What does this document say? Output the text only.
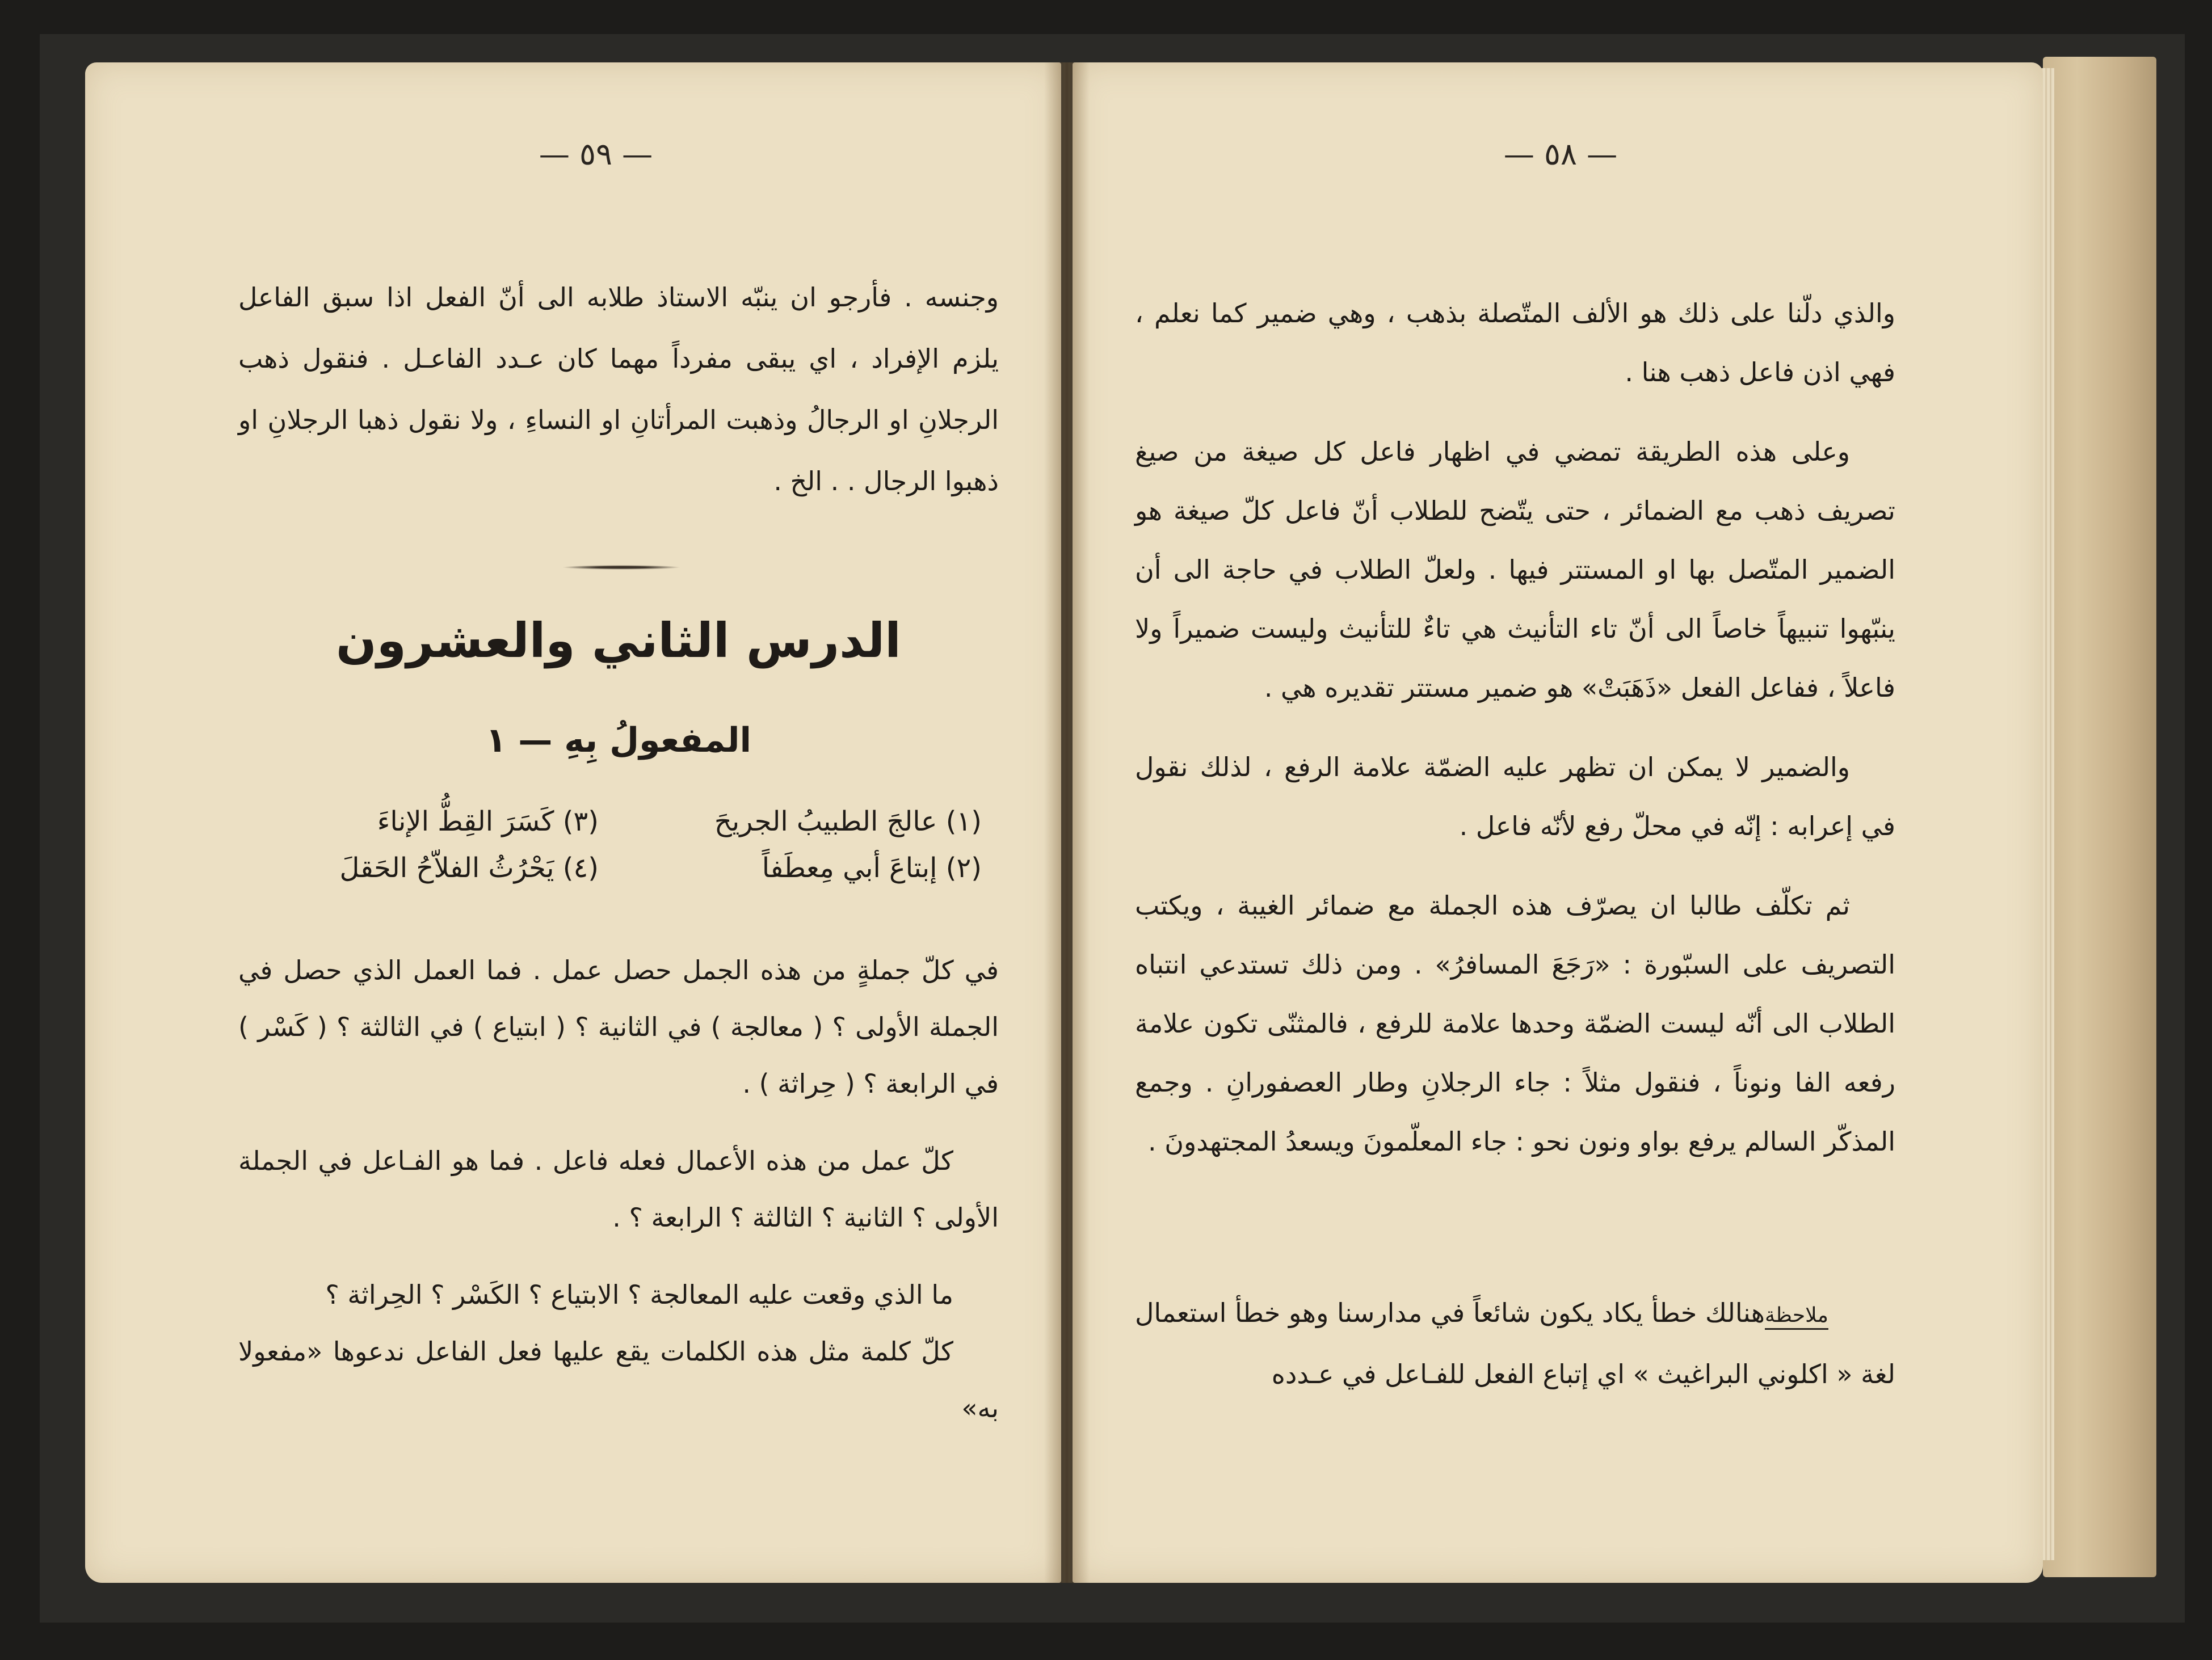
— ٥٩ —

وجنسه . فأرجو ان ينبّه الاستاذ طلابه الى أنّ الفعل اذا سبق الفاعل يلزم الإفراد ، اي يبقى مفرداً مهما كان عـدد الفاعـل . فنقول ذهب الرجلانِ او الرجالُ وذهبت المرأتانِ او النساءِ ، ولا نقول ذهبا الرجلانِ او ذهبوا الرجال . . الخ .

الدرس الثاني والعشرون
المفعولُ بِهِ — ١
(١) عالجَ الطبيبُ الجريحَ
(٣) كَسَرَ القِطُّ الإناءَ
(٢) إبتاعَ أبي مِعطَفاً
(٤) يَحْرُثُ الفلاّحُ الحَقلَ

في كلّ جملةٍ من هذه الجمل حصل عمل . فما العمل الذي حصل في الجملة الأولى ؟ ( معالجة ) في الثانية ؟ ( ابتياع ) في الثالثة ؟ ( كَسْر ) في الرابعة ؟ ( حِراثة ) .

كلّ عمل من هذه الأعمال فعله فاعل . فما هو الفـاعل في الجملة الأولى ؟ الثانية ؟ الثالثة ؟ الرابعة ؟ .

ما الذي وقعت عليه المعالجة ؟ الابتياع ؟ الكَسْر ؟ الحِراثة ؟

كلّ كلمة مثل هذه الكلمات يقع عليها فعل الفاعل ندعوها «مفعولا به»

— ٥٨ —

والذي دلّنا على ذلك هو الألف المتّصلة بذهب ، وهي ضمير كما نعلم ، فهي اذن فاعل ذهب هنا .

وعلى هذه الطريقة تمضي في اظهار فاعل كل صيغة من صيغ تصريف ذهب مع الضمائر ، حتى يتّضح للطلاب أنّ فاعل كلّ صيغة هو الضمير المتّصل بها او المستتر فيها . ولعلّ الطلاب في حاجة الى أن ينبّهوا تنبيهاً خاصاً الى أنّ تاء التأنيث هي تاءٌ للتأنيث وليست ضميراً ولا فاعلاً ، ففاعل الفعل «ذَهَبَتْ» هو ضمير مستتر تقديره هي .

والضمير لا يمكن ان تظهر عليه الضمّة علامة الرفع ، لذلك نقول في إعرابه : إنّه في محلّ رفع لأنّه فاعل .

ثم تكلّف طالبا ان يصرّف هذه الجملة مع ضمائر الغيبة ، ويكتب التصريف على السبّورة : «رَجَعَ المسافرُ» . ومن ذلك تستدعي انتباه الطلاب الى أنّه ليست الضمّة وحدها علامة للرفع ، فالمثنّى تكون علامة رفعه الفا ونوناً ، فنقول مثلاً : جاء الرجلانِ وطار العصفورانِ . وجمع المذكّر السالم يرفع بواو ونون نحو : جاء المعلّمونَ ويسعدُ المجتهدونَ .

ملاحظة

هنالك خطأ يكاد يكون شائعاً في مدارسنا وهو خطأ استعمال لغة « اكلوني البراغيث » اي إتباع الفعل للفـاعل في عـدده
